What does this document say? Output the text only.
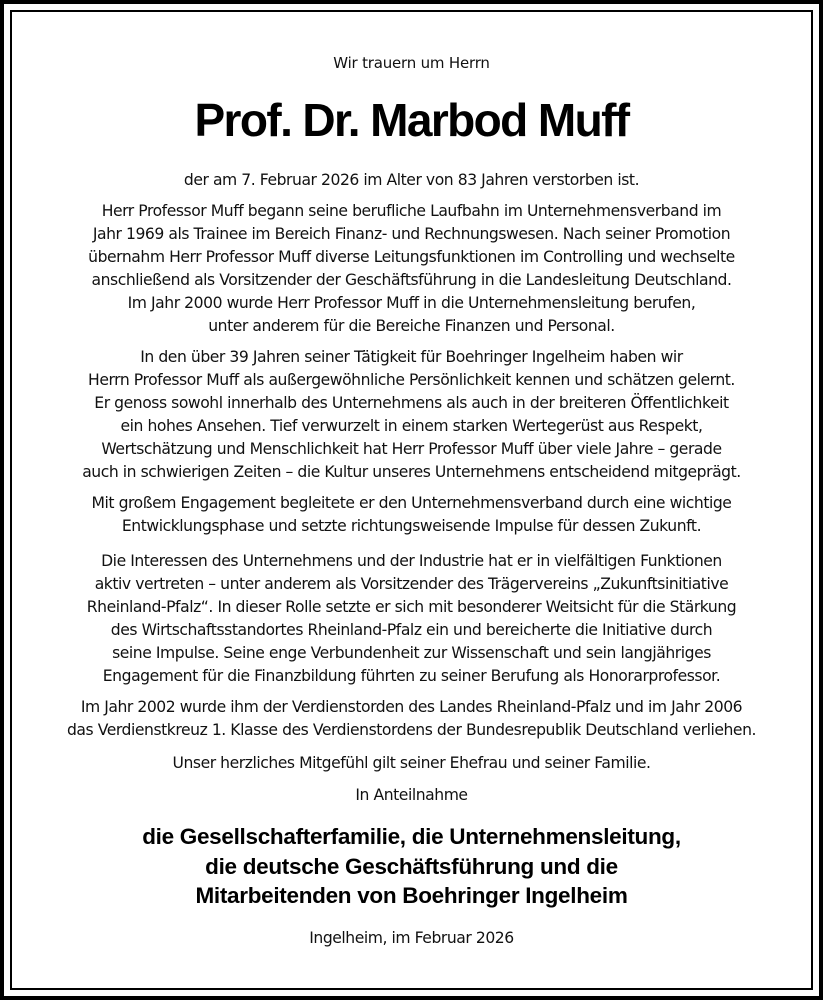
Wir trauern um Herrn
Prof. Dr. Marbod Muff
der am 7. Februar 2026 im Alter von 83 Jahren verstorben ist.
Herr Professor Muff begann seine berufliche Laufbahn im Unternehmensverband im
Jahr 1969 als Trainee im Bereich Finanz- und Rechnungswesen. Nach seiner Promotion
übernahm Herr Professor Muff diverse Leitungsfunktionen im Controlling und wechselte
anschließend als Vorsitzender der Geschäftsführung in die Landesleitung Deutschland.
Im Jahr 2000 wurde Herr Professor Muff in die Unternehmensleitung berufen,
unter anderem für die Bereiche Finanzen und Personal.
In den über 39 Jahren seiner Tätigkeit für Boehringer Ingelheim haben wir
Herrn Professor Muff als außergewöhnliche Persönlichkeit kennen und schätzen gelernt.
Er genoss sowohl innerhalb des Unternehmens als auch in der breiteren Öffentlichkeit
ein hohes Ansehen. Tief verwurzelt in einem starken Wertegerüst aus Respekt,
Wertschätzung und Menschlichkeit hat Herr Professor Muff über viele Jahre – gerade
auch in schwierigen Zeiten – die Kultur unseres Unternehmens entscheidend mitgeprägt.
Mit großem Engagement begleitete er den Unternehmensverband durch eine wichtige
Entwicklungsphase und setzte richtungsweisende Impulse für dessen Zukunft.
Die Interessen des Unternehmens und der Industrie hat er in vielfältigen Funktionen
aktiv vertreten – unter anderem als Vorsitzender des Trägervereins „Zukunftsinitiative
Rheinland-Pfalz“. In dieser Rolle setzte er sich mit besonderer Weitsicht für die Stärkung
des Wirtschaftsstandortes Rheinland-Pfalz ein und bereicherte die Initiative durch
seine Impulse. Seine enge Verbundenheit zur Wissenschaft und sein langjähriges
Engagement für die Finanzbildung führten zu seiner Berufung als Honorarprofessor.
Im Jahr 2002 wurde ihm der Verdienstorden des Landes Rheinland-Pfalz und im Jahr 2006
das Verdienstkreuz 1. Klasse des Verdienstordens der Bundesrepublik Deutschland verliehen.
Unser herzliches Mitgefühl gilt seiner Ehefrau und seiner Familie.
In Anteilnahme
die Gesellschafterfamilie, die Unternehmensleitung,
die deutsche Geschäftsführung und die
Mitarbeitenden von Boehringer Ingelheim
Ingelheim, im Februar 2026
